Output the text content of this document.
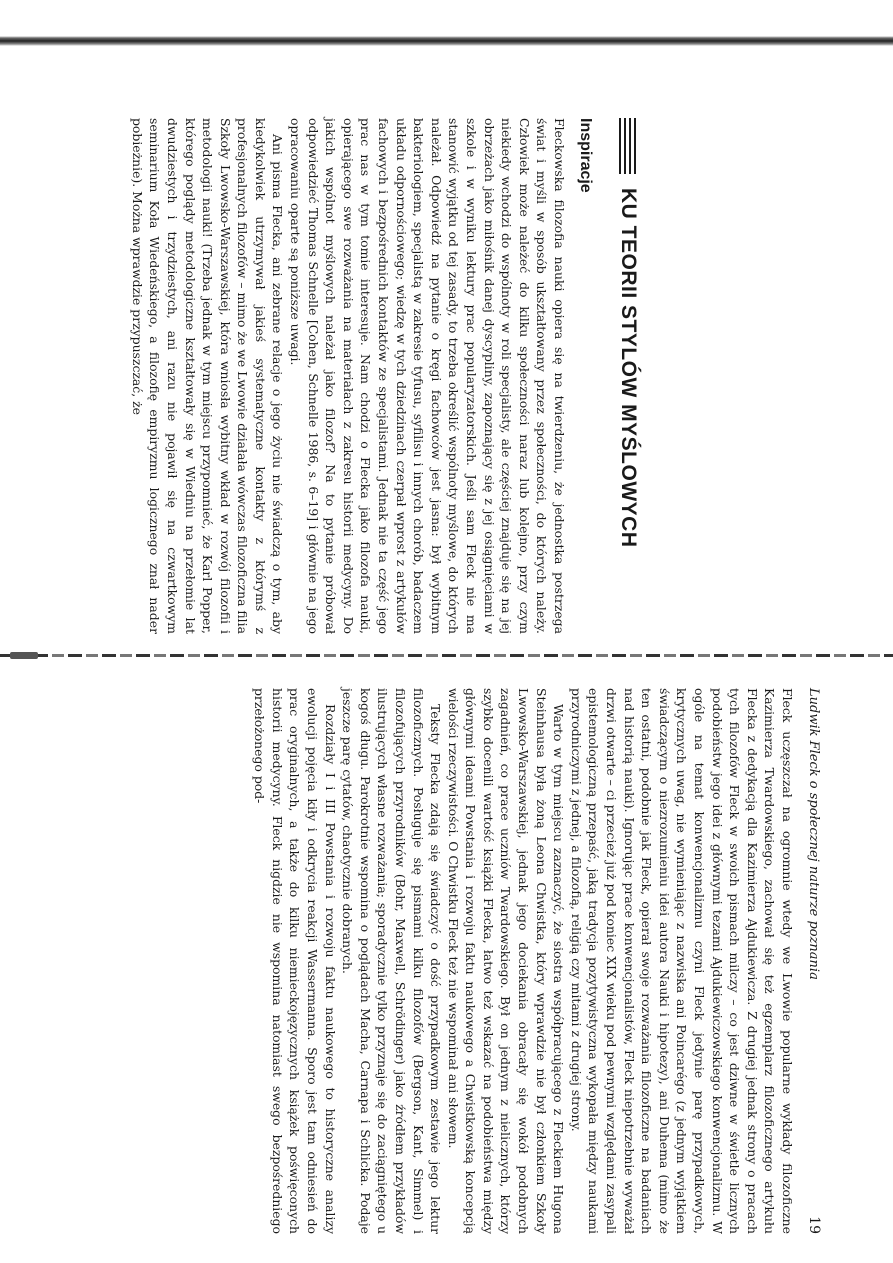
Ludwik Fleck o społecznej naturze poznania
19

Fleck uczęszczał na ogromnie wtedy we Lwowie popularne wykłady filozoficzne Kazimierza Twardowskiego, zachował się też egzemplarz filozoficznego artykułu Flecka z dedykacją dla Kazimierza Ajdukiewicza. Z drugiej jednak strony o pracach tych filozofów Fleck w swoich pismach milczy – co jest dziwne w świetle licznych podobieństw jego idei z głównymi tezami Ajdukiewiczowskiego konwencjonalizmu. W ogóle na temat konwencjonalizmu czyni Fleck jedynie parę przypadkowych, krytycznych uwag, nie wymieniając z nazwiska ani Poincarégo (z jednym wyjątkiem świadczącym o niezrozumieniu idei autora Nauki i hipotezy), ani Duhema (mimo że ten ostatni, podobnie jak Fleck, opierał swoje rozważania filozoficzne na badaniach nad historią nauki). Ignorując prace konwencjonalistów, Fleck niepotrzebnie wyważał drzwi otwarte – ci przecież już pod koniec XIX wieku pod pewnymi względami zasypali epistemologiczną przepaść, jaką tradycja pozytywistyczna wykopała między naukami przyrodniczymi z jednej, a filozofią, religią czy mitami z drugiej strony.

Warto w tym miejscu zaznaczyć, że siostra współpracującego z Fleckiem Hugona Steinhausa była żoną Leona Chwistka, który wprawdzie nie był członkiem Szkoły Lwowsko-Warszawskiej, jednak jego dociekania obracały się wokół podobnych zagadnień, co prace uczniów Twardowskiego. Był on jednym z nielicznych, którzy szybko docenili wartość książki Flecka, łatwo też wskazać na podobieństwa między głównymi ideami Powstania i rozwoju faktu naukowego a Chwistkowską koncepcją wielości rzeczywistości. O Chwistku Fleck też nie wspominał ani słowem.

Teksty Flecka zdają się świadczyć o dość przypadkowym zestawie jego lektur filozoficznych. Posługuje się pismami kilku filozofów (Bergson, Kant, Simmel) i filozofujących przyrodników (Bohr, Maxwell, Schrödinger) jako źródłem przykładów ilustrujących własne rozważania; sporadycznie tylko przyznaje się do zaciągniętego u kogoś długu. Parokrotnie wspomina o poglądach Macha, Carnapa i Schlicka. Podaje jeszcze parę cytatów, chaotycznie dobranych.

Rozdziały I i III Powstania i rozwoju faktu naukowego to historyczne analizy ewolucji pojęcia kiły i odkrycia reakcji Wassermanna. Sporo jest tam odniesień do prac oryginalnych, a także do kilku niemieckojęzycznych książek poświęconych historii medycyny. Fleck nigdzie nie wspomina natomiast swego bezpośredniego przełożonego pod-

KU TEORII STYLÓW MYŚLOWYCH
Inspiracje

Fleckowska filozofia nauki opiera się na twierdzeniu, że jednostka postrzega świat i myśli w sposób ukształtowany przez społeczności, do których należy. Człowiek może należeć do kilku społeczności naraz lub kolejno, przy czym niekiedy wchodzi do wspólnoty w roli specjalisty, ale częściej znajduje się na jej obrzeżach jako miłośnik danej dyscypliny, zapoznający się z jej osiągnięciami w szkole i w wyniku lektury prac popularyzatorskich. Jeśli sam Fleck nie ma stanowić wyjątku od tej zasady, to trzeba określić wspólnoty myślowe, do których należał. Odpowiedź na pytanie o kręgi fachowców jest jasna: był wybitnym bakteriologiem, specjalistą w zakresie tyfusu, syfilisu i innych chorób, badaczem układu odpornościowego; wiedzę w tych dziedzinach czerpał wprost z artykułów fachowych i bezpośrednich kontaktów ze specjalistami. Jednak nie ta część jego prac nas w tym tomie interesuje. Nam chodzi o Flecka jako filozofa nauki, opierającego swe rozważania na materiałach z zakresu historii medycyny. Do jakich wspólnot myślowych należał jako filozof? Na to pytanie próbował odpowiedzieć Thomas Schnelle [Cohen, Schnelle 1986, s. 6–19] i głównie na jego opracowaniu oparte są poniższe uwagi.

Ani pisma Flecka, ani zebrane relacje o jego życiu nie świadczą o tym, aby kiedykolwiek utrzymywał jakieś systematyczne kontakty z którymś z profesjonalnych filozofów – mimo że we Lwowie działała wówczas filozoficzna filia Szkoły Lwowsko-Warszawskiej, która wniosła wybitny wkład w rozwój filozofii i metodologii nauki! (Trzeba jednak w tym miejscu przypomnieć, że Karl Popper, którego poglądy metodologiczne kształtowały się w Wiedniu na przełomie lat dwudziestych i trzydziestych, ani razu nie pojawił się na czwartkowym seminarium Koła Wiedeńskiego, a filozofię empiryzmu logicznego znał nader pobieżnie). Można wprawdzie przypuszczać, że
